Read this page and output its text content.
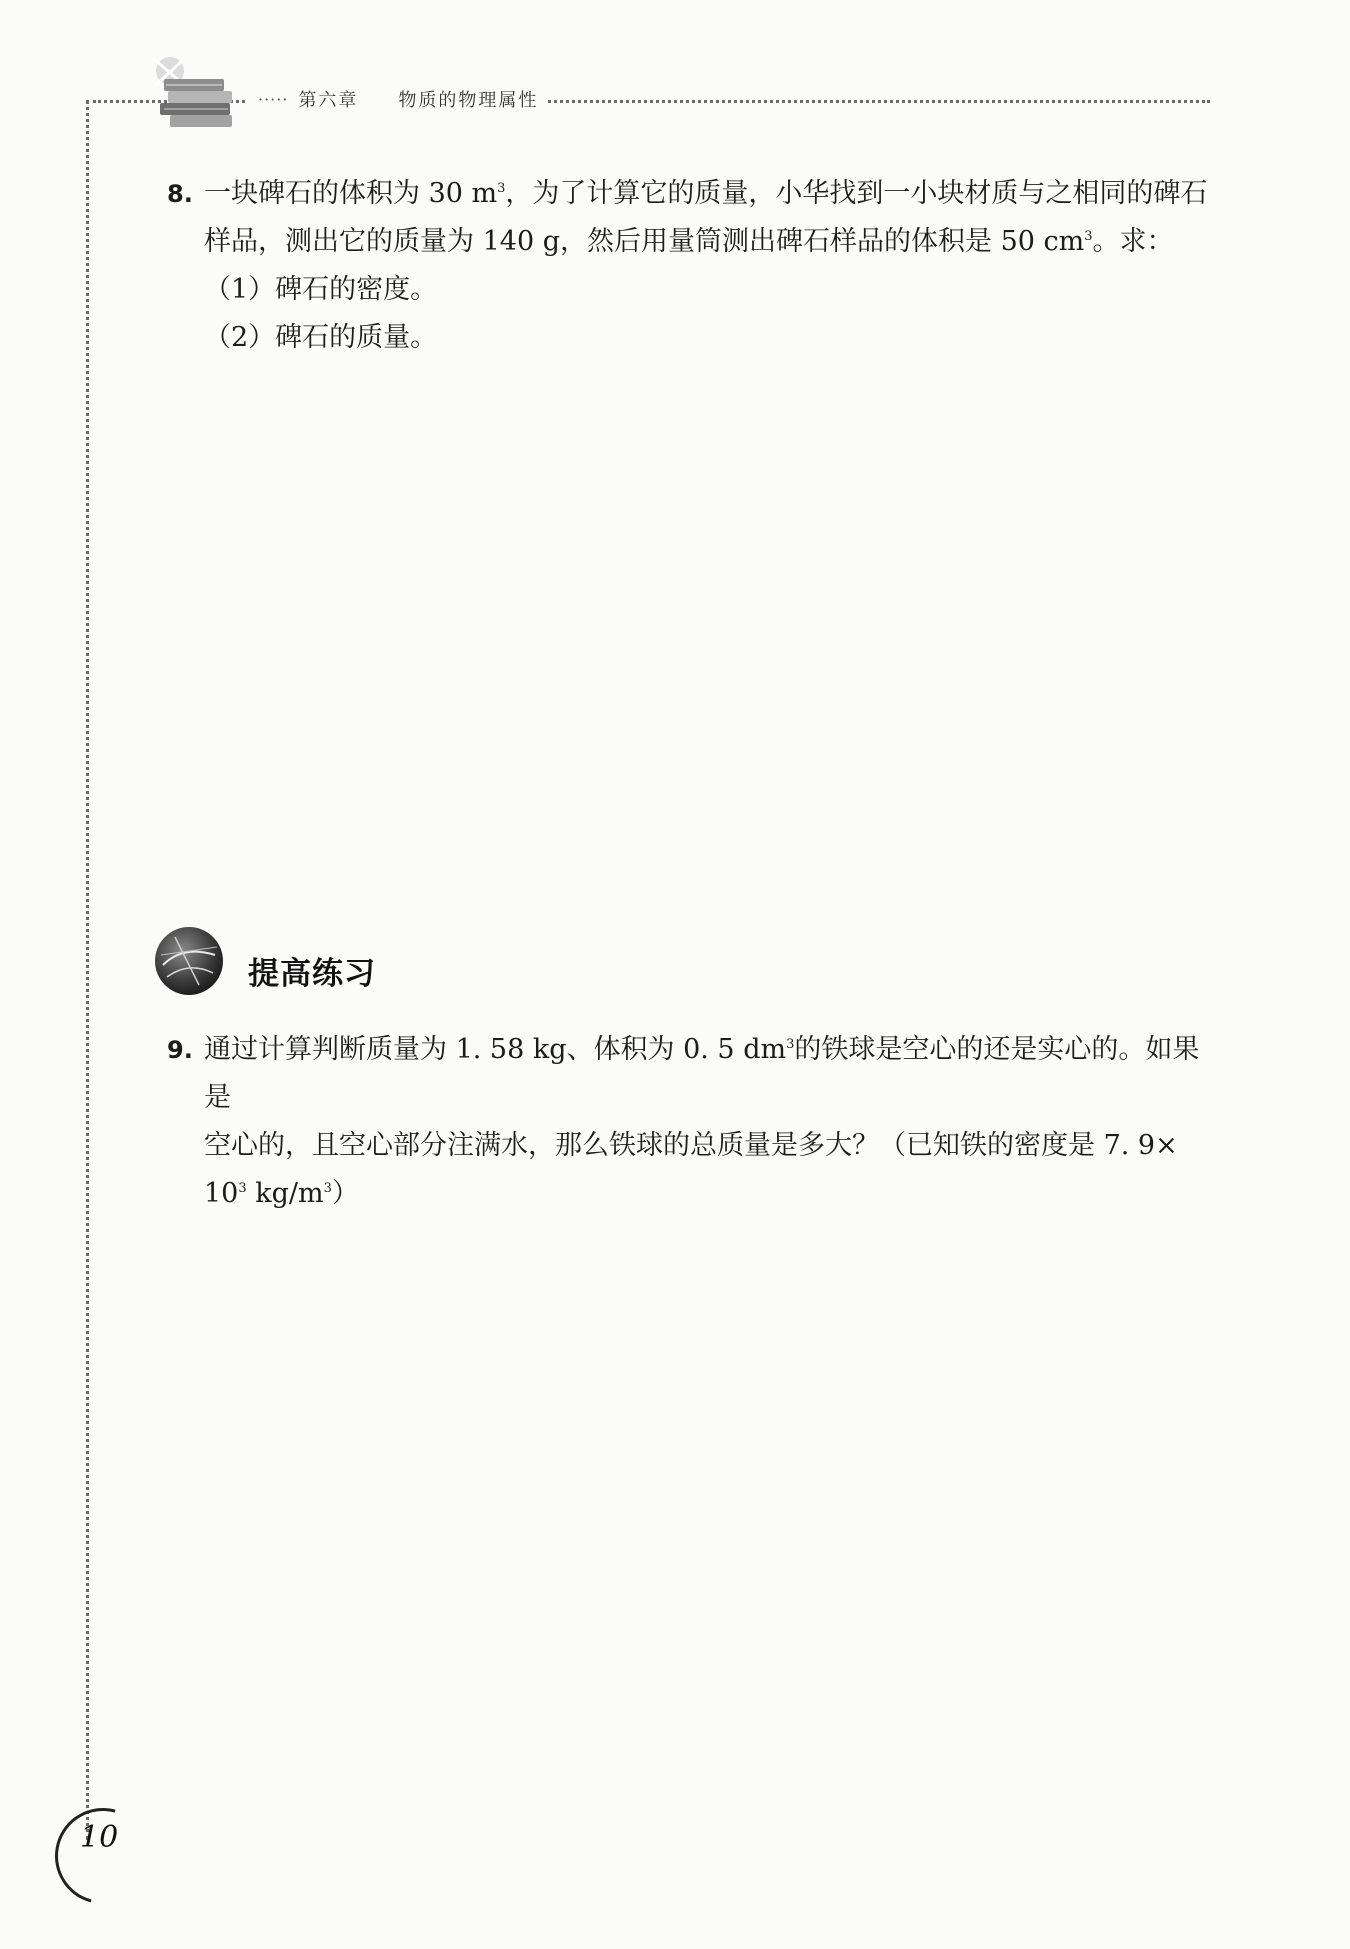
····· 第六章 物质的物理属性
8. 一块碑石的体积为 30 $m^3$，为了计算它的质量，小华找到一小块材质与之相同的碑石
样品，测出它的质量为 140 g，然后用量筒测出碑石样品的体积是 50 $cm^3$。求：
（1）碑石的密度。
（2）碑石的质量。
提高练习
9. 通过计算判断质量为 1. 58 kg、体积为 0. 5 $dm^3$的铁球是空心的还是实心的。如果是
空心的，且空心部分注满水，那么铁球的总质量是多大？（已知铁的密度是 7. 9×
$10^3$ $kg/m^3$）
10
